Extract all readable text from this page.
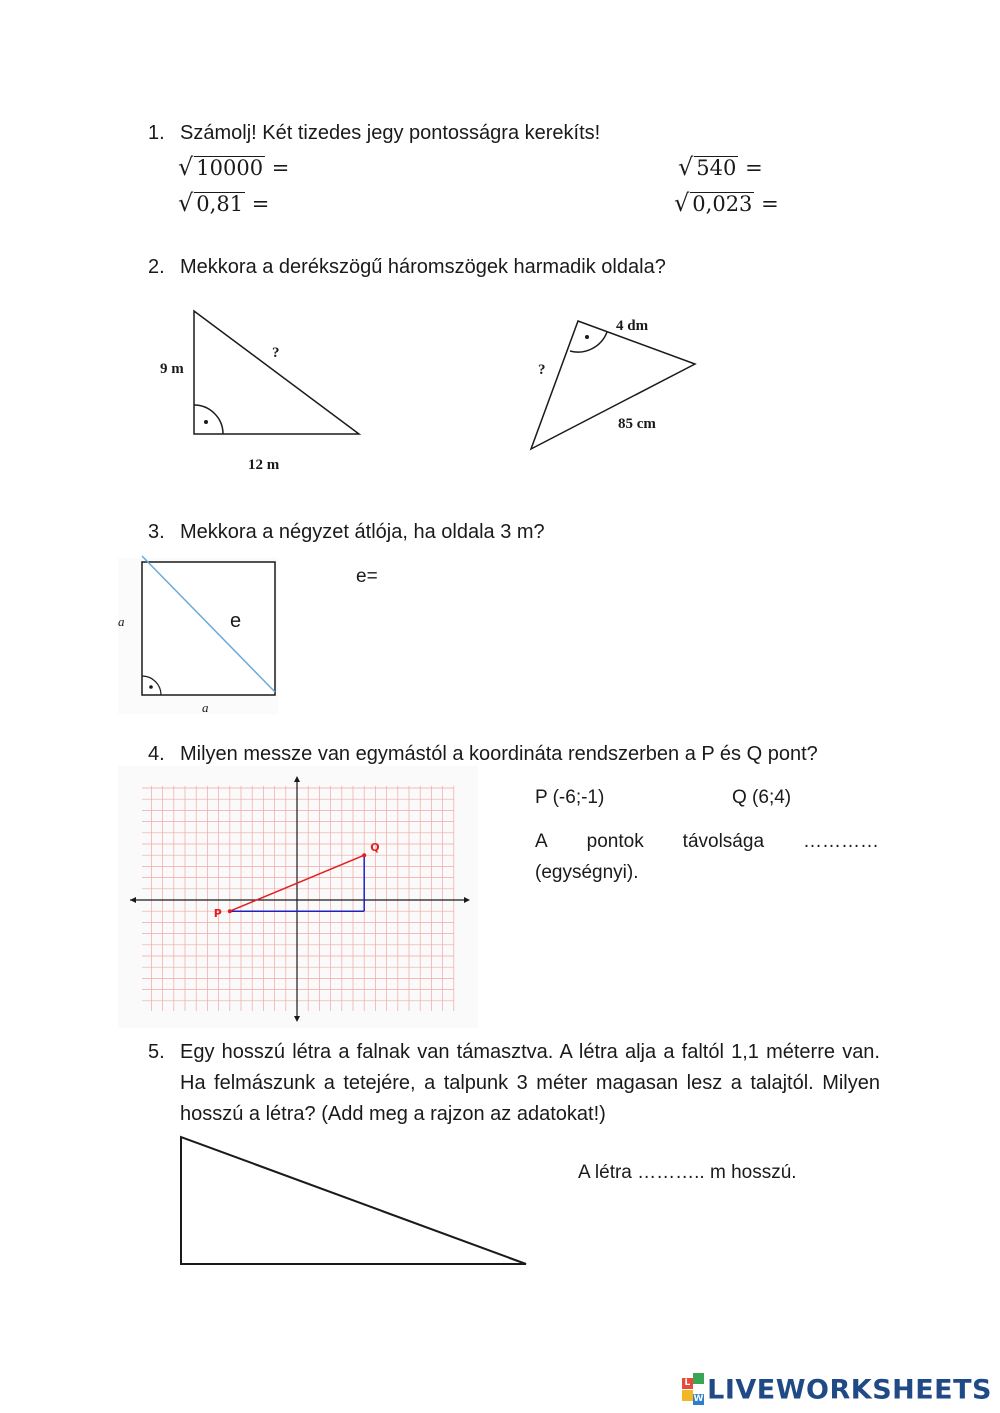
1. Számolj! Két tizedes jegy pontosságra kerekíts!
√ 10000 =	√ 540 =
√ 0,81 =	√ 0,023 =
2. Mekkora a derékszögű háromszögek harmadik oldala?
9 m
?
12 m
4 dm
?
85 cm
3. Mekkora a négyzet átlója, ha oldala 3 m?
a
a
e
e=
4. Milyen messze van egymástól a koordináta rendszerben a P és Q pont?
P
Q
P (-6;-1)	Q (6;4)
A pontok távolsága …………
(egységnyi).
5. Egy hosszú létra a falnak van támasztva. A létra alja a faltól 1,1 méterre van. Ha felmászunk a tetejére, a talpunk 3 méter magasan lesz a talajtól. Milyen hosszú a létra? (Add meg a rajzon az adatokat!)
A létra ……….. m hosszú.
L
W LIVEWORKSHEETS
